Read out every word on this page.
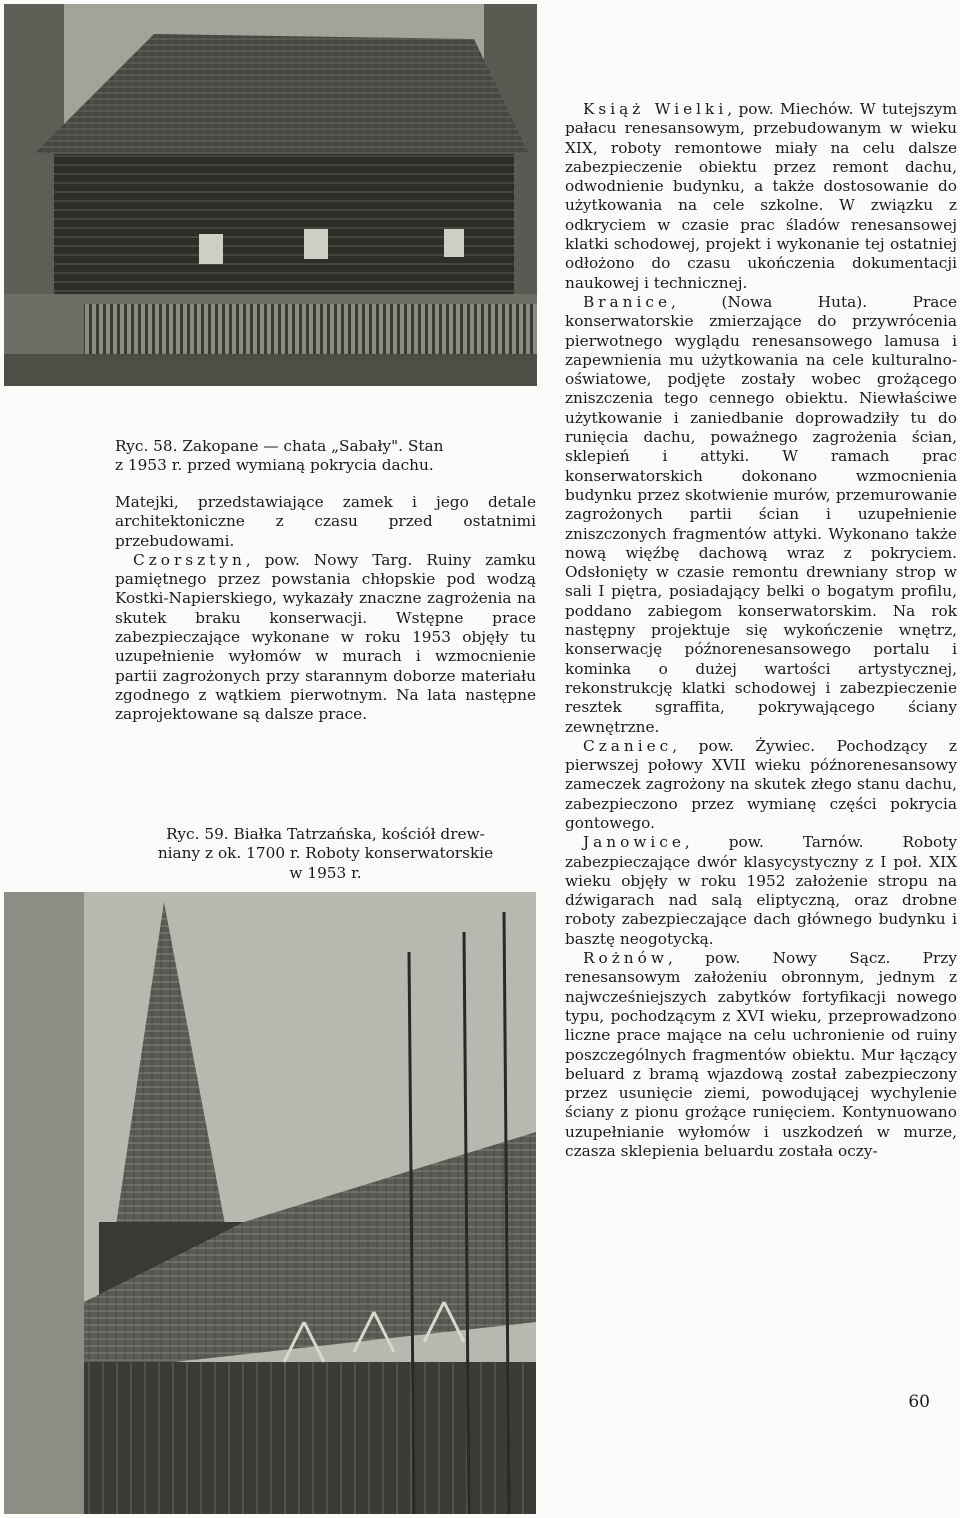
Ryc. 58. Zakopane — chata „Sabały". Stan
z 1953 r. przed wymianą pokrycia dachu.

Matejki, przedstawiające zamek i jego detale architektoniczne z czasu przed ostatnimi przebudowami.

Czorsztyn, pow. Nowy Targ. Ruiny zamku pamiętnego przez powstania chłopskie pod wodzą Kostki-Napierskiego, wykazały znaczne zagrożenia na skutek braku konserwacji. Wstępne prace zabezpieczające wykonane w roku 1953 objęły tu uzupełnienie wyłomów w murach i wzmocnienie partii zagrożonych przy starannym doborze materiału zgodnego z wątkiem pierwotnym. Na lata następne zaprojektowane są dalsze prace.

Ryc. 59. Białka Tatrzańska, kościół drew-
niany z ok. 1700 r. Roboty konserwatorskie
w 1953 r.

Książ Wielki, pow. Miechów. W tutejszym pałacu renesansowym, przebudowanym w wieku XIX, roboty remontowe miały na celu dalsze zabezpieczenie obiektu przez remont dachu, odwodnienie budynku, a także dostosowanie do użytkowania na cele szkolne. W związku z odkryciem w czasie prac śladów renesansowej klatki schodowej, projekt i wykonanie tej ostatniej odłożono do czasu ukończenia dokumentacji naukowej i technicznej.

Branice, (Nowa Huta). Prace konserwatorskie zmierzające do przywrócenia pierwotnego wyglądu renesansowego lamusa i zapewnienia mu użytkowania na cele kulturalno-oświatowe, podjęte zostały wobec grożącego zniszczenia tego cennego obiektu. Niewłaściwe użytkowanie i zaniedbanie doprowadziły tu do runięcia dachu, poważnego zagrożenia ścian, sklepień i attyki. W ramach prac konserwatorskich dokonano wzmocnienia budynku przez skotwienie murów, przemurowanie zagrożonych partii ścian i uzupełnienie zniszczonych fragmentów attyki. Wykonano także nową więźbę dachową wraz z pokryciem. Odsłonięty w czasie remontu drewniany strop w sali I piętra, posiadający belki o bogatym profilu, poddano zabiegom konserwatorskim. Na rok następny projektuje się wykończenie wnętrz, konserwację późnorenesansowego portalu i kominka o dużej wartości artystycznej, rekonstrukcję klatki schodowej i zabezpieczenie resztek sgraffita, pokrywającego ściany zewnętrzne.

Czaniec, pow. Żywiec. Pochodzący z pierwszej połowy XVII wieku późnorenesansowy zameczek zagrożony na skutek złego stanu dachu, zabezpieczono przez wymianę części pokrycia gontowego.

Janowice, pow. Tarnów. Roboty zabezpieczające dwór klasycystyczny z I poł. XIX wieku objęły w roku 1952 założenie stropu na dźwigarach nad salą eliptyczną, oraz drobne roboty zabezpieczające dach głównego budynku i basztę neogotycką.

Rożnów, pow. Nowy Sącz. Przy renesansowym założeniu obronnym, jednym z najwcześniejszych zabytków fortyfikacji nowego typu, pochodzącym z XVI wieku, przeprowadzono liczne prace mające na celu uchronienie od ruiny poszczególnych fragmentów obiektu. Mur łączący beluard z bramą wjazdową został zabezpieczony przez usunięcie ziemi, powodującej wychylenie ściany z pionu grożące runięciem. Kontynuowano uzupełnianie wyłomów i uszkodzeń w murze, czasza sklepienia beluardu została oczy-

60
